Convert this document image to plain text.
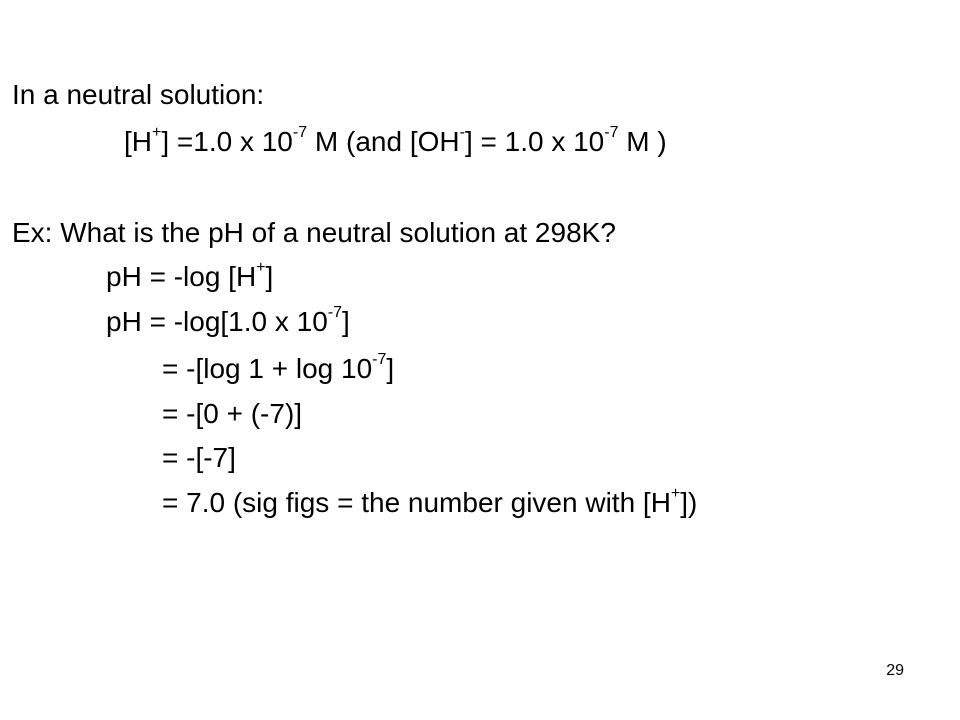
In a neutral solution:
[H+] =1.0 x $10^{-7}$ M (and [OH-] = 1.0 x $10^{-7}$ M )
Ex: What is the pH of a neutral solution at 298K?
pH = -log [H+]
pH = -log[1.0 x $10^{-7}$]
= -[log $1 + \log 10^{-7}$]
= -[0 + (-7)]
= -[-7]
= 7.0 (sig figs = the number given with [H+])
29
